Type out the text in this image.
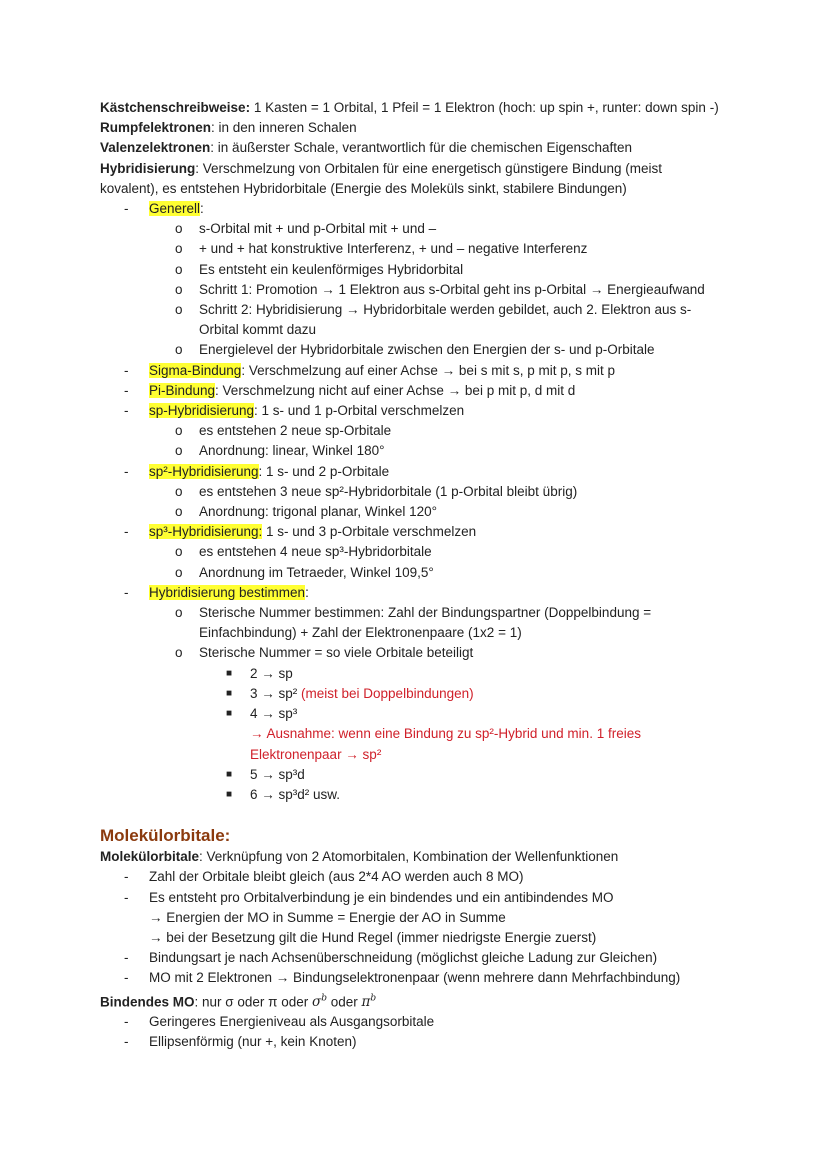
Kästchenschreibweise: 1 Kasten = 1 Orbital, 1 Pfeil = 1 Elektron (hoch: up spin +, runter: down spin -)
Rumpfelektronen: in den inneren Schalen
Valenzelektronen: in äußerster Schale, verantwortlich für die chemischen Eigenschaften
Hybridisierung: Verschmelzung von Orbitalen für eine energetisch günstigere Bindung (meist kovalent), es entstehen Hybridorbitale (Energie des Moleküls sinkt, stabilere Bindungen)
- Generell:
o s-Orbital mit + und p-Orbital mit + und –
o + und + hat konstruktive Interferenz, + und – negative Interferenz
o Es entsteht ein keulenförmiges Hybridorbital
o Schritt 1: Promotion → 1 Elektron aus s-Orbital geht ins p-Orbital → Energieaufwand
o Schritt 2: Hybridisierung → Hybridorbitale werden gebildet, auch 2. Elektron aus s-
Orbital kommt dazu
o Energielevel der Hybridorbitale zwischen den Energien der s- und p-Orbitale
- Sigma-Bindung: Verschmelzung auf einer Achse → bei s mit s, p mit p, s mit p
- Pi-Bindung: Verschmelzung nicht auf einer Achse → bei p mit p, d mit d
- sp-Hybridisierung: 1 s- und 1 p-Orbital verschmelzen
o es entstehen 2 neue sp-Orbitale
o Anordnung: linear, Winkel 180°
- sp²-Hybridisierung: 1 s- und 2 p-Orbitale
o es entstehen 3 neue sp²-Hybridorbitale (1 p-Orbital bleibt übrig)
o Anordnung: trigonal planar, Winkel 120°
- sp³-Hybridisierung: 1 s- und 3 p-Orbitale verschmelzen
o es entstehen 4 neue sp³-Hybridorbitale
o Anordnung im Tetraeder, Winkel 109,5°
- Hybridisierung bestimmen:
o Sterische Nummer bestimmen: Zahl der Bindungspartner (Doppelbindung =
Einfachbindung) + Zahl der Elektronenpaare (1x2 = 1)
o Sterische Nummer = so viele Orbitale beteiligt
■ 2 → sp
■ 3 → sp² (meist bei Doppelbindungen)
■ 4 → sp³
→ Ausnahme: wenn eine Bindung zu sp²-Hybrid und min. 1 freies
Elektronenpaar → sp²
■ 5 → sp³d
■ 6 → sp³d² usw.
Molekülorbitale:
Molekülorbitale: Verknüpfung von 2 Atomorbitalen, Kombination der Wellenfunktionen
- Zahl der Orbitale bleibt gleich (aus 2*4 AO werden auch 8 MO)
- Es entsteht pro Orbitalverbindung je ein bindendes und ein antibindendes MO
→ Energien der MO in Summe = Energie der AO in Summe
→ bei der Besetzung gilt die Hund Regel (immer niedrigste Energie zuerst)
- Bindungsart je nach Achsenüberschneidung (möglichst gleiche Ladung zur Gleichen)
- MO mit 2 Elektronen → Bindungselektronenpaar (wenn mehrere dann Mehrfachbindung)
Bindendes MO: nur σ oder π oder $\sigma^b$ oder $\pi^b$
- Geringeres Energieniveau als Ausgangsorbitale
- Ellipsenförmig (nur +, kein Knoten)
